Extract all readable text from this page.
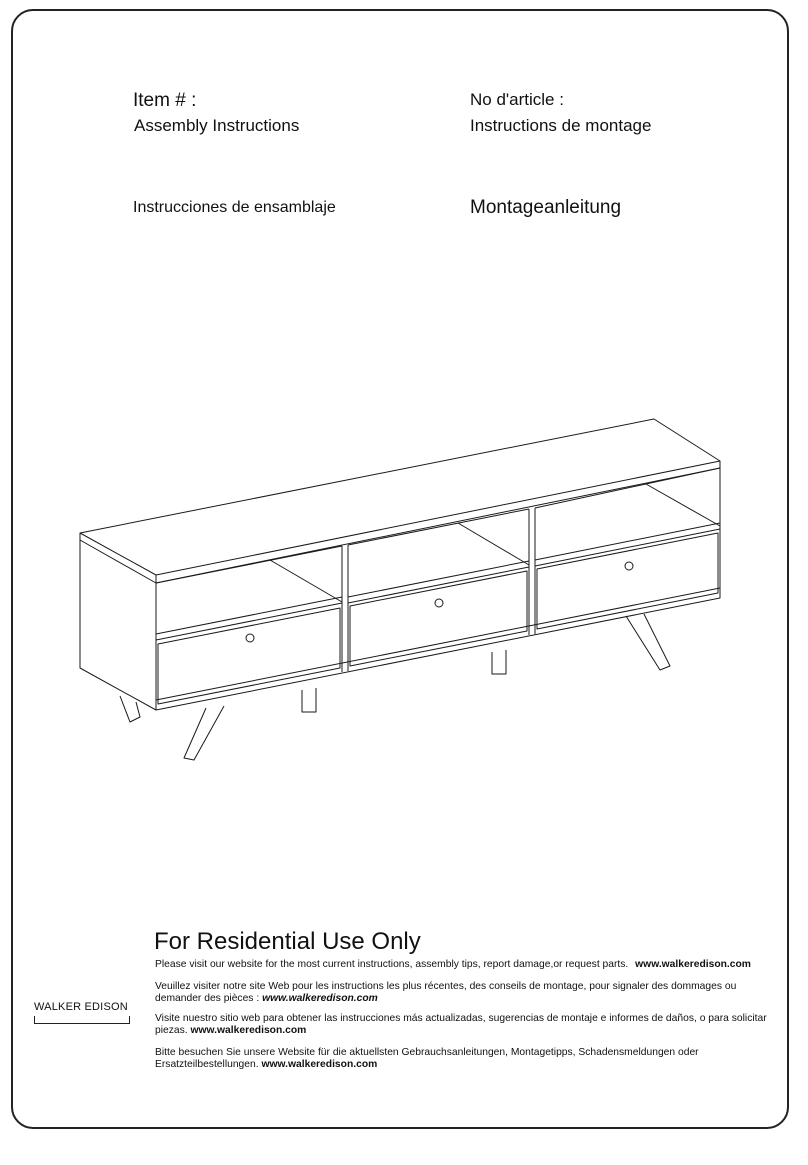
Item # :
Assembly Instructions
No d'article :
Instructions de montage
Instrucciones de ensamblaje	Montageanleitung
For Residential Use Only
Please visit our website for the most current instructions, assembly tips, report damage,or request parts. www.walkeredison.com
Veuillez visiter notre site Web pour les instructions les plus récentes, des conseils de montage, pour signaler des dommages ou demander des pièces : www.walkeredison.com
Visite nuestro sitio web para obtener las instrucciones más actualizadas, sugerencias de montaje e informes de daños, o para solicitar piezas. www.walkeredison.com
Bitte besuchen Sie unsere Website für die aktuellsten Gebrauchsanleitungen, Montagetipps, Schadensmeldungen oder Ersatzteilbestellungen. www.walkeredison.com
WALKER EDISON
